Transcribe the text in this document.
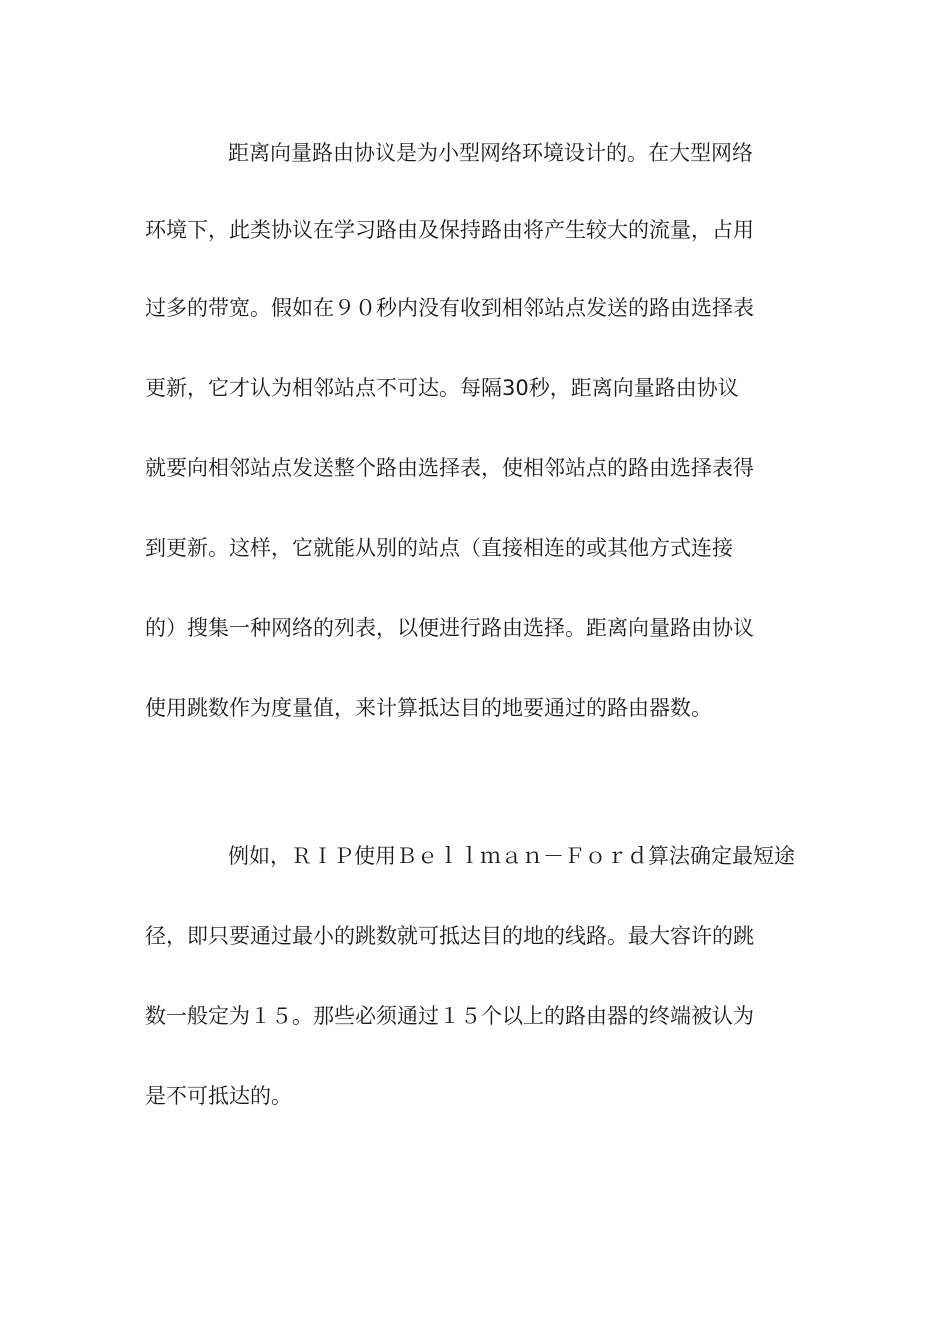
距离向量路由协议是为小型网络环境设计的。在大型网络

环境下，此类协议在学习路由及保持路由将产生较大的流量，占用

过多的带宽。假如在９０秒内没有收到相邻站点发送的路由选择表

更新，它才认为相邻站点不可达。每隔30秒，距离向量路由协议

就要向相邻站点发送整个路由选择表，使相邻站点的路由选择表得

到更新。这样，它就能从别的站点（直接相连的或其他方式连接

的）搜集一种网络的列表，以便进行路由选择。距离向量路由协议

使用跳数作为度量值，来计算抵达目的地要通过的路由器数。

例如，ＲＩＰ使用Ｂｅｌｌｍａｎ－Ｆｏｒｄ算法确定最短途

径，即只要通过最小的跳数就可抵达目的地的线路。最大容许的跳

数一般定为１５。那些必须通过１５个以上的路由器的终端被认为

是不可抵达的。
